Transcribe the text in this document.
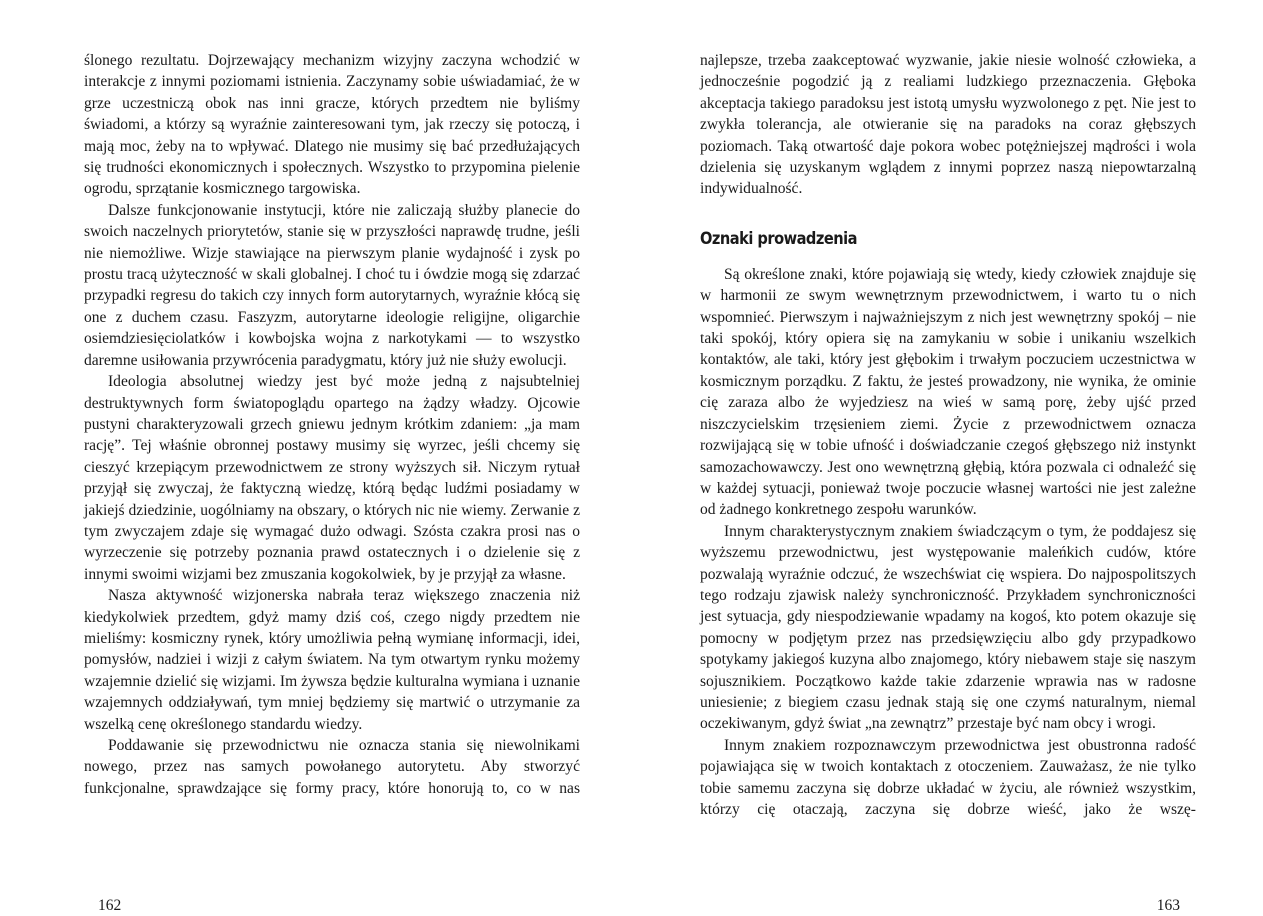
ślonego rezultatu. Dojrzewający mechanizm wizyjny zaczyna wchodzić w interakcje z innymi poziomami istnienia. Zaczynamy sobie uświadamiać, że w grze uczestniczą obok nas inni gracze, których przedtem nie byliśmy świadomi, a którzy są wyraźnie zainteresowani tym, jak rzeczy się potoczą, i mają moc, żeby na to wpływać. Dlatego nie musimy się bać przedłużających się trudności ekonomicznych i społecznych. Wszystko to przypomina pielenie ogrodu, sprzątanie kosmicznego targowiska.

Dalsze funkcjonowanie instytucji, które nie zaliczają służby planecie do swoich naczelnych priorytetów, stanie się w przyszłości naprawdę trudne, jeśli nie niemożliwe. Wizje stawiające na pierwszym planie wydajność i zysk po prostu tracą użyteczność w skali globalnej. I choć tu i ówdzie mogą się zdarzać przypadki regresu do takich czy innych form autorytarnych, wyraźnie kłócą się one z duchem czasu. Faszyzm, autorytarne ideologie religijne, oligarchie osiemdziesięciolatków i kowbojska wojna z narkotykami — to wszystko daremne usiłowania przywrócenia paradygmatu, który już nie służy ewolucji.

Ideologia absolutnej wiedzy jest być może jedną z najsubtelniej destruktywnych form światopoglądu opartego na żądzy władzy. Ojcowie pustyni charakteryzowali grzech gniewu jednym krótkim zdaniem: „ja mam rację”. Tej właśnie obronnej postawy musimy się wyrzec, jeśli chcemy się cieszyć krzepiącym przewodnictwem ze strony wyższych sił. Niczym rytuał przyjął się zwyczaj, że faktyczną wiedzę, którą będąc ludźmi posiadamy w jakiejś dziedzinie, uogólniamy na obszary, o których nic nie wiemy. Zerwanie z tym zwyczajem zdaje się wymagać dużo odwagi. Szósta czakra prosi nas o wyrzeczenie się potrzeby poznania prawd ostatecznych i o dzielenie się z innymi swoimi wizjami bez zmuszania kogokolwiek, by je przyjął za własne.

Nasza aktywność wizjonerska nabrała teraz większego znaczenia niż kiedykolwiek przedtem, gdyż mamy dziś coś, czego nigdy przedtem nie mieliśmy: kosmiczny rynek, który umożliwia pełną wymianę informacji, idei, pomysłów, nadziei i wizji z całym światem. Na tym otwartym rynku możemy wzajemnie dzielić się wizjami. Im żywsza będzie kulturalna wymiana i uznanie wzajemnych oddziaływań, tym mniej będziemy się martwić o utrzymanie za wszelką cenę określonego standardu wiedzy.

Poddawanie się przewodnictwu nie oznacza stania się niewolnikami nowego, przez nas samych powołanego autorytetu. Aby stworzyć funkcjonalne, sprawdzające się formy pracy, które honorują to, co w nas

162

najlepsze, trzeba zaakceptować wyzwanie, jakie niesie wolność człowieka, a jednocześnie pogodzić ją z realiami ludzkiego przeznaczenia. Głęboka akceptacja takiego paradoksu jest istotą umysłu wyzwolonego z pęt. Nie jest to zwykła tolerancja, ale otwieranie się na paradoks na coraz głębszych poziomach. Taką otwartość daje pokora wobec potężniejszej mądrości i wola dzielenia się uzyskanym wglądem z innymi poprzez naszą niepowtarzalną indywidualność.

Oznaki prowadzenia

Są określone znaki, które pojawiają się wtedy, kiedy człowiek znajduje się w harmonii ze swym wewnętrznym przewodnictwem, i warto tu o nich wspomnieć. Pierwszym i najważniejszym z nich jest wewnętrzny spokój – nie taki spokój, który opiera się na zamykaniu w sobie i unikaniu wszelkich kontaktów, ale taki, który jest głębokim i trwałym poczuciem uczestnictwa w kosmicznym porządku. Z faktu, że jesteś prowadzony, nie wynika, że ominie cię zaraza albo że wyjedziesz na wieś w samą porę, żeby ujść przed niszczycielskim trzęsieniem ziemi. Życie z przewodnictwem oznacza rozwijającą się w tobie ufność i doświadczanie czegoś głębszego niż instynkt samozachowawczy. Jest ono wewnętrzną głębią, która pozwala ci odnaleźć się w każdej sytuacji, ponieważ twoje poczucie własnej wartości nie jest zależne od żadnego konkretnego zespołu warunków.

Innym charakterystycznym znakiem świadczącym o tym, że poddajesz się wyższemu przewodnictwu, jest występowanie maleńkich cudów, które pozwalają wyraźnie odczuć, że wszechświat cię wspiera. Do najpospolitszych tego rodzaju zjawisk należy synchroniczność. Przykładem synchroniczności jest sytuacja, gdy niespodziewanie wpadamy na kogoś, kto potem okazuje się pomocny w podjętym przez nas przedsięwzięciu albo gdy przypadkowo spotykamy jakiegoś kuzyna albo znajomego, który niebawem staje się naszym sojusznikiem. Początkowo każde takie zdarzenie wprawia nas w radosne uniesienie; z biegiem czasu jednak stają się one czymś naturalnym, niemal oczekiwanym, gdyż świat „na zewnątrz” przestaje być nam obcy i wrogi.

Innym znakiem rozpoznawczym przewodnictwa jest obustronna radość pojawiająca się w twoich kontaktach z otoczeniem. Zauważasz, że nie tylko tobie samemu zaczyna się dobrze układać w życiu, ale również wszystkim, którzy cię otaczają, zaczyna się dobrze wieść, jako że wszę-

163
